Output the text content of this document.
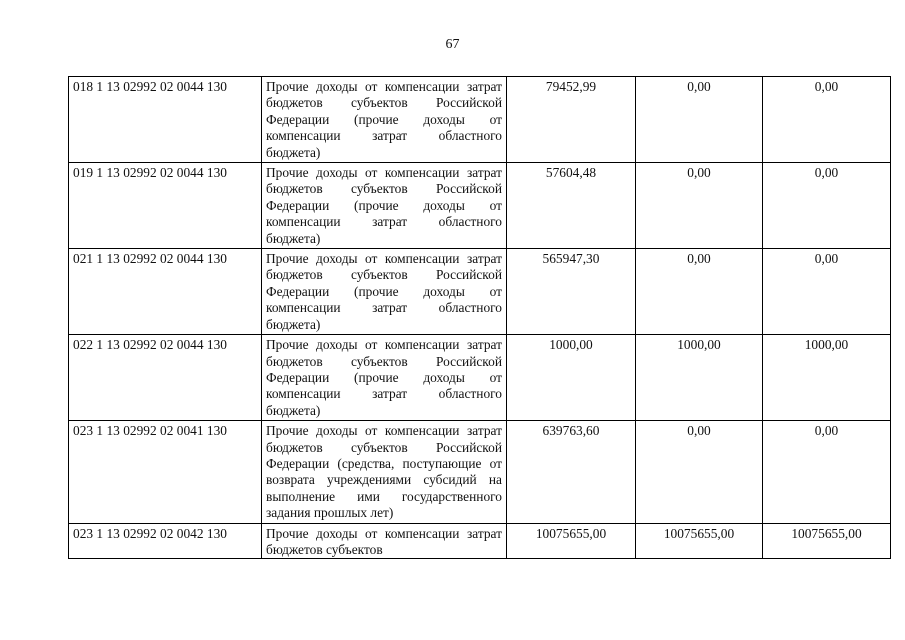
67
018 1 13 02992 02 0044 130	Прочие доходы от компенсации затрат бюджетов субъектов Российской Федерации (прочие доходы от компенсации затрат областного бюджета)	79452,99	0,00	0,00
019 1 13 02992 02 0044 130	Прочие доходы от компенсации затрат бюджетов субъектов Российской Федерации (прочие доходы от компенсации затрат областного бюджета)	57604,48	0,00	0,00
021 1 13 02992 02 0044 130	Прочие доходы от компенсации затрат бюджетов субъектов Российской Федерации (прочие доходы от компенсации затрат областного бюджета)	565947,30	0,00	0,00
022 1 13 02992 02 0044 130	Прочие доходы от компенсации затрат бюджетов субъектов Российской Федерации (прочие доходы от компенсации затрат областного бюджета)	1000,00	1000,00	1000,00
023 1 13 02992 02 0041 130	Прочие доходы от компенсации затрат бюджетов субъектов Российской Федерации (средства, поступающие от возврата учреждениями субсидий на выполнение ими государственного задания прошлых лет)	639763,60	0,00	0,00
023 1 13 02992 02 0042 130	Прочие доходы от компенсации затрат бюджетов субъектов	10075655,00	10075655,00	10075655,00
